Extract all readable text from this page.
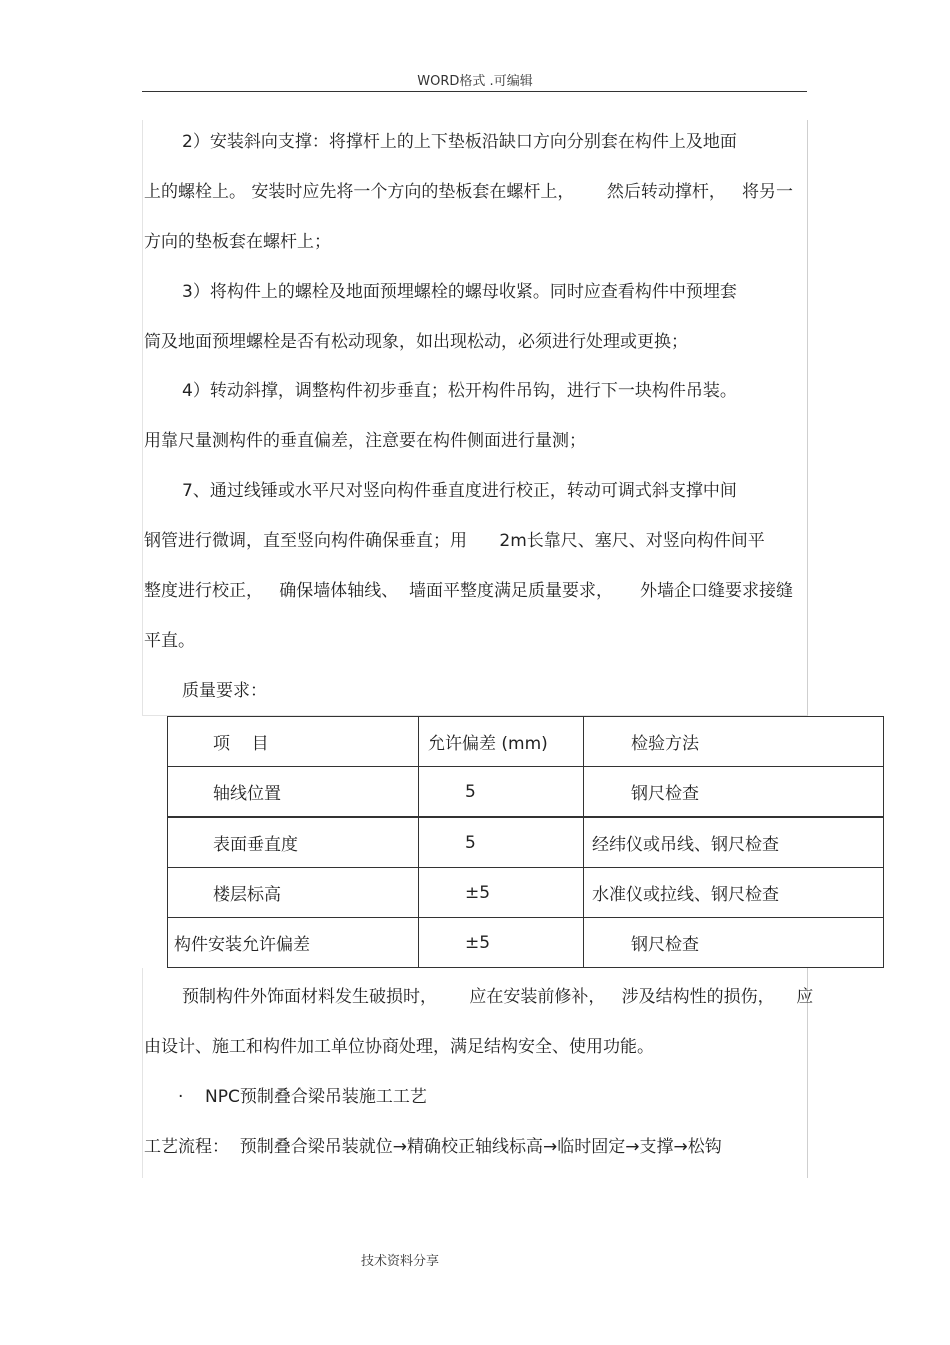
WORD格式 .可编辑
2）安装斜向支撑：将撑杆上的上下垫板沿缺口方向分别套在构件上及地面
上的螺栓上。 安装时应先将一个方向的垫板套在螺杆上，      然后转动撑杆，   将另一
方向的垫板套在螺杆上；
3）将构件上的螺栓及地面预埋螺栓的螺母收紧。同时应查看构件中预埋套
筒及地面预埋螺栓是否有松动现象，如出现松动，必须进行处理或更换；
4）转动斜撑，调整构件初步垂直；松开构件吊钩，进行下一块构件吊装。
用靠尺量测构件的垂直偏差，注意要在构件侧面进行量测；
7、通过线锤或水平尺对竖向构件垂直度进行校正，转动可调式斜支撑中间
钢管进行微调，直至竖向构件确保垂直；用      2m长靠尺、塞尺、对竖向构件间平
整度进行校正，   确保墙体轴线、  墙面平整度满足质量要求，     外墙企口缝要求接缝
平直。
质量要求：
项    目	允许偏差 (mm)	检验方法
轴线位置	5	钢尺检查
表面垂直度	5	经纬仪或吊线、钢尺检查
楼层标高	±5	水准仪或拉线、钢尺检查
构件安装允许偏差	±5	钢尺检查
预制构件外饰面材料发生破损时，      应在安装前修补，   涉及结构性的损伤，    应
由设计、施工和构件加工单位协商处理，满足结构安全、使用功能。
·    NPC预制叠合梁吊装施工工艺
工艺流程：  预制叠合梁吊装就位→精确校正轴线标高→临时固定→支撑→松钩
技术资料分享
